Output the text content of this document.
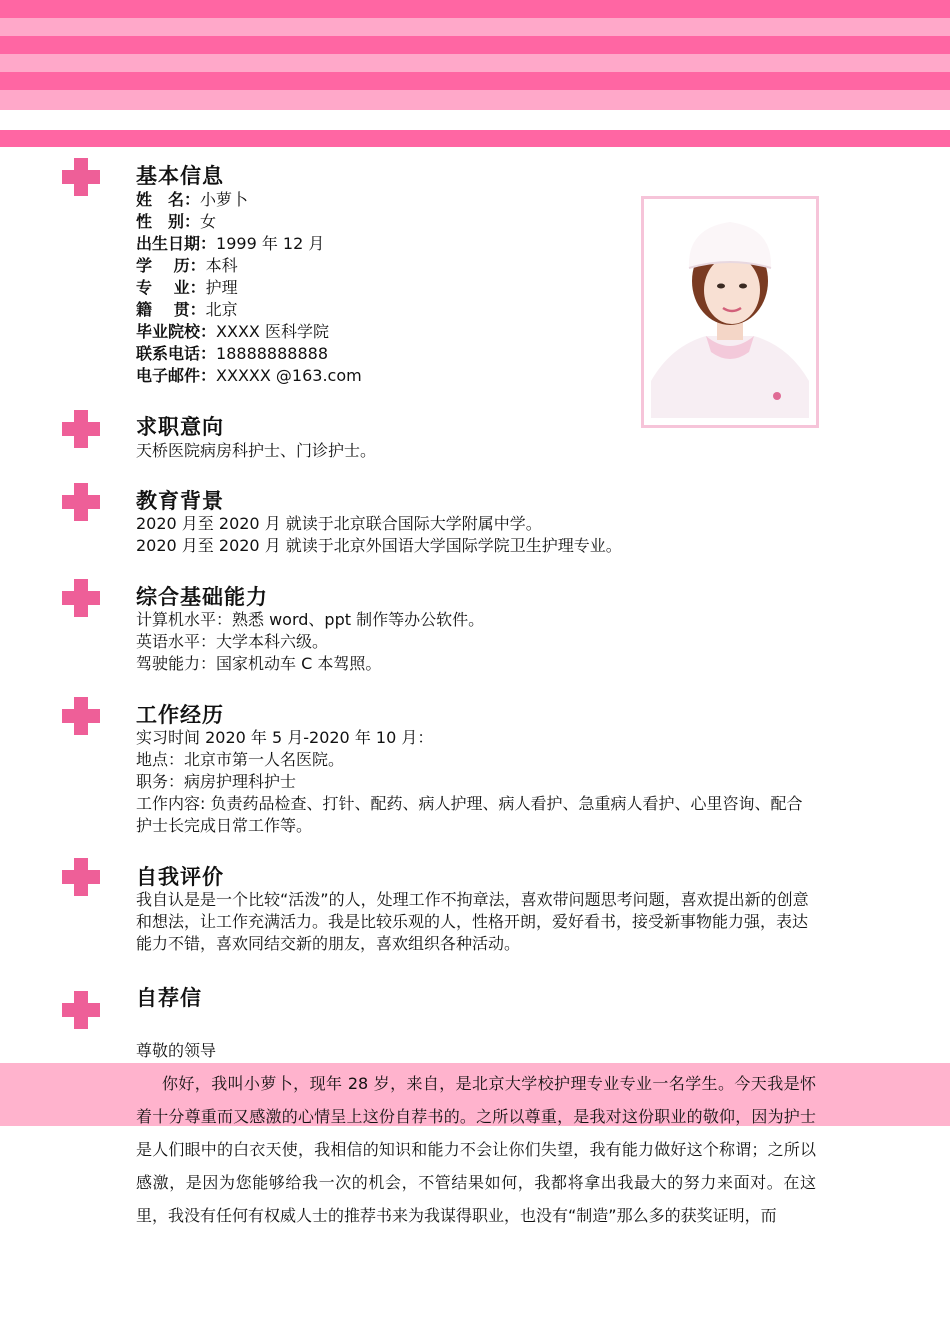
基本信息
姓　名：小萝卜
性　别：女
出生日期：1999 年 12 月
学　 历：本科
专　 业：护理
籍　 贯：北京
毕业院校：XXXX 医科学院
联系电话：18888888888
电子邮件：XXXXX @163.com
求职意向
天桥医院病房科护士、门诊护士。
教育背景
2020 月至 2020 月 就读于北京联合国际大学附属中学。
2020 月至 2020 月 就读于北京外国语大学国际学院卫生护理专业。
综合基础能力
计算机水平：熟悉 word、ppt 制作等办公软件。
英语水平：大学本科六级。
驾驶能力：国家机动车 C 本驾照。
工作经历
实习时间 2020 年 5 月-2020 年 10 月：
地点：北京市第一人名医院。
职务：病房护理科护士
工作内容: 负责药品检查、打针、配药、病人护理、病人看护、急重病人看护、心里咨询、配合护士长完成日常工作等。
自我评价
我自认是是一个比较“活泼”的人，处理工作不拘章法，喜欢带问题思考问题，喜欢提出新的创意和想法，让工作充满活力。我是比较乐观的人，性格开朗，爱好看书，接受新事物能力强，表达能力不错，喜欢同结交新的朋友，喜欢组织各种活动。
自荐信
尊敬的领导
你好，我叫小萝卜，现年 28 岁，来自，是北京大学校护理专业专业一名学生。今天我是怀着十分尊重而又感激的心情呈上这份自荐书的。之所以尊重，是我对这份职业的敬仰，因为护士是人们眼中的白衣天使，我相信的知识和能力不会让你们失望，我有能力做好这个称谓；之所以感激，是因为您能够给我一次的机会，不管结果如何，我都将拿出我最大的努力来面对。在这里，我没有任何有权威人士的推荐书来为我谋得职业，也没有“制造”那么多的获奖证明，而
